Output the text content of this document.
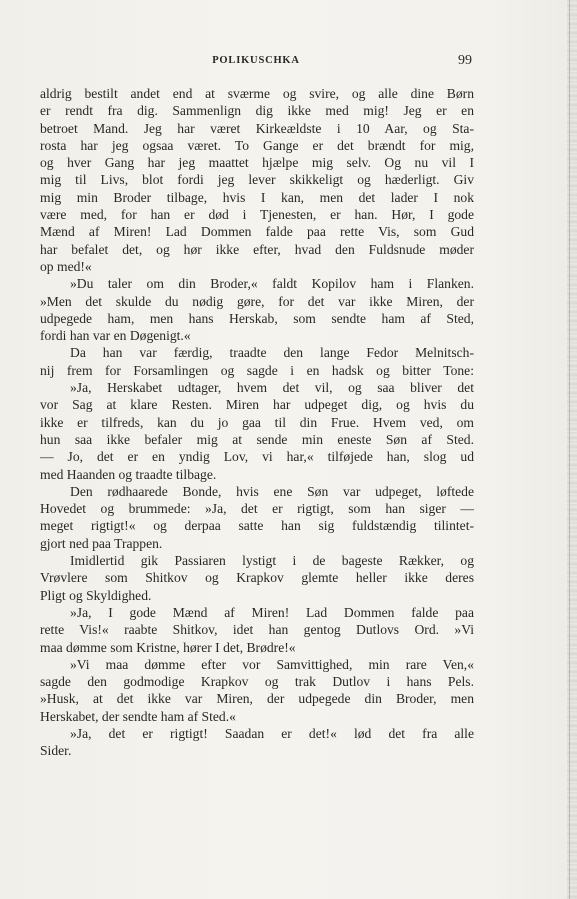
POLIKUSCHKA	99
aldrig bestilt andet end at sværme og svire, og alle dine Børn
er rendt fra dig. Sammenlign dig ikke med mig! Jeg er en
betroet Mand. Jeg har været Kirkeældste i 10 Aar, og Sta-
rosta har jeg ogsaa været. To Gange er det brændt for mig,
og hver Gang har jeg maattet hjælpe mig selv. Og nu vil I
mig til Livs, blot fordi jeg lever skikkeligt og hæderligt. Giv
mig min Broder tilbage, hvis I kan, men det lader I nok
være med, for han er død i Tjenesten, er han. Hør, I gode
Mænd af Miren! Lad Dommen falde paa rette Vis, som Gud
har befalet det, og hør ikke efter, hvad den Fuldsnude møder
op med!«
»Du taler om din Broder,« faldt Kopilov ham i Flanken.
»Men det skulde du nødig gøre, for det var ikke Miren, der
udpegede ham, men hans Herskab, som sendte ham af Sted,
fordi han var en Døgenigt.«
Da han var færdig, traadte den lange Fedor Melnitsch-
nij frem for Forsamlingen og sagde i en hadsk og bitter Tone:
»Ja, Herskabet udtager, hvem det vil, og saa bliver det
vor Sag at klare Resten. Miren har udpeget dig, og hvis du
ikke er tilfreds, kan du jo gaa til din Frue. Hvem ved, om
hun saa ikke befaler mig at sende min eneste Søn af Sted.
— Jo, det er en yndig Lov, vi har,« tilføjede han, slog ud
med Haanden og traadte tilbage.
Den rødhaarede Bonde, hvis ene Søn var udpeget, løftede
Hovedet og brummede: »Ja, det er rigtigt, som han siger —
meget rigtigt!« og derpaa satte han sig fuldstændig tilintet-
gjort ned paa Trappen.
Imidlertid gik Passiaren lystigt i de bageste Rækker, og
Vrøvlere som Shitkov og Krapkov glemte heller ikke deres
Pligt og Skyldighed.
»Ja, I gode Mænd af Miren! Lad Dommen falde paa
rette Vis!« raabte Shitkov, idet han gentog Dutlovs Ord. »Vi
maa dømme som Kristne, hører I det, Brødre!«
»Vi maa dømme efter vor Samvittighed, min rare Ven,«
sagde den godmodige Krapkov og trak Dutlov i hans Pels.
»Husk, at det ikke var Miren, der udpegede din Broder, men
Herskabet, der sendte ham af Sted.«
»Ja, det er rigtigt! Saadan er det!« lød det fra alle
Sider.
